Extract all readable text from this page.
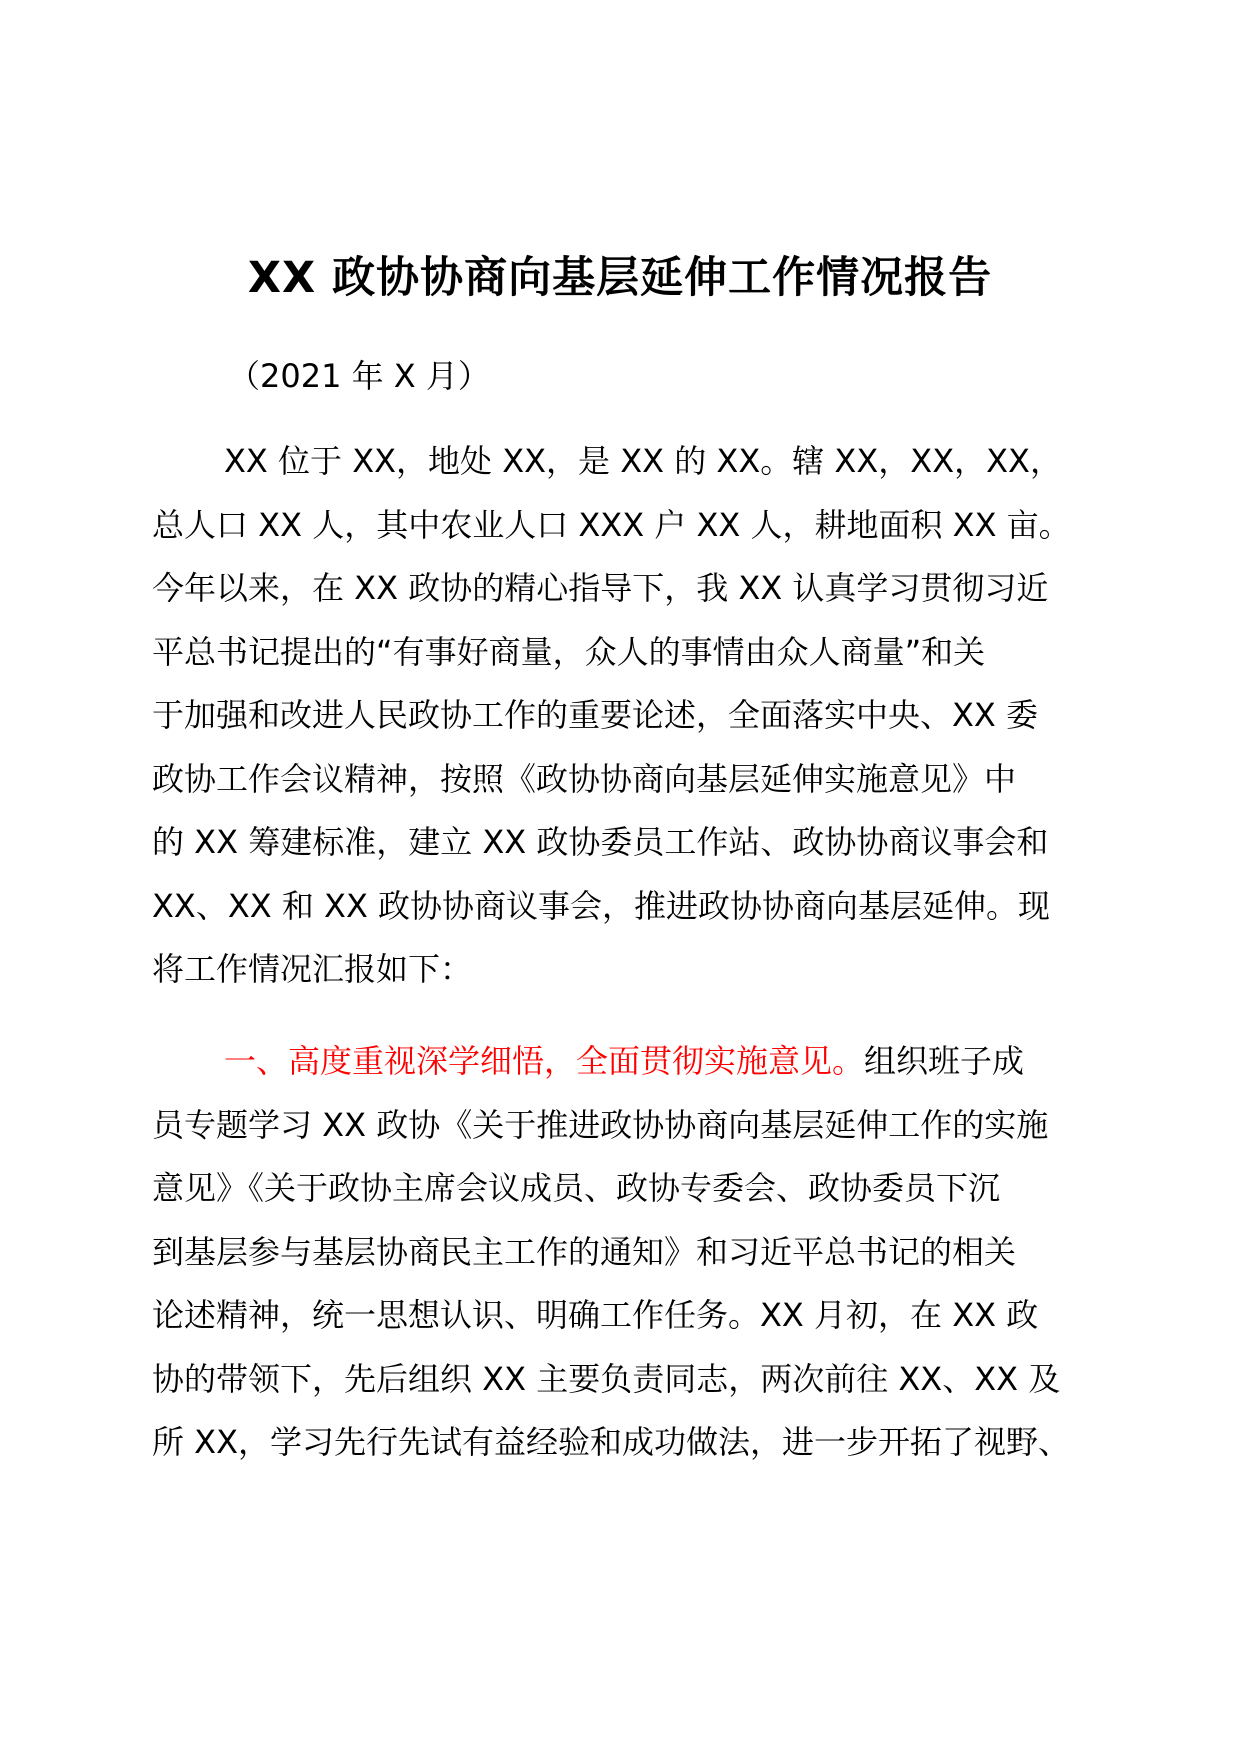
XX 政协协商向基层延伸工作情况报告
（2021 年 X 月）
XX 位于 XX，地处 XX，是 XX 的 XX。辖 XX，XX，XX，
总人口 XX 人，其中农业人口 XXX 户 XX 人，耕地面积 XX 亩。
今年以来，在 XX 政协的精心指导下，我 XX 认真学习贯彻习近
平总书记提出的“有事好商量，众人的事情由众人商量”和关
于加强和改进人民政协工作的重要论述，全面落实中央、XX 委
政协工作会议精神，按照《政协协商向基层延伸实施意见》中
的 XX 筹建标准，建立 XX 政协委员工作站、政协协商议事会和
XX、XX 和 XX 政协协商议事会，推进政协协商向基层延伸。现
将工作情况汇报如下：
一、高度重视深学细悟，全面贯彻实施意见。组织班子成
员专题学习 XX 政协《关于推进政协协商向基层延伸工作的实施
意见》《关于政协主席会议成员、政协专委会、政协委员下沉
到基层参与基层协商民主工作的通知》和习近平总书记的相关
论述精神，统一思想认识、明确工作任务。XX 月初，在 XX 政
协的带领下，先后组织 XX 主要负责同志，两次前往 XX、XX 及
所 XX，学习先行先试有益经验和成功做法，进一步开拓了视野、
